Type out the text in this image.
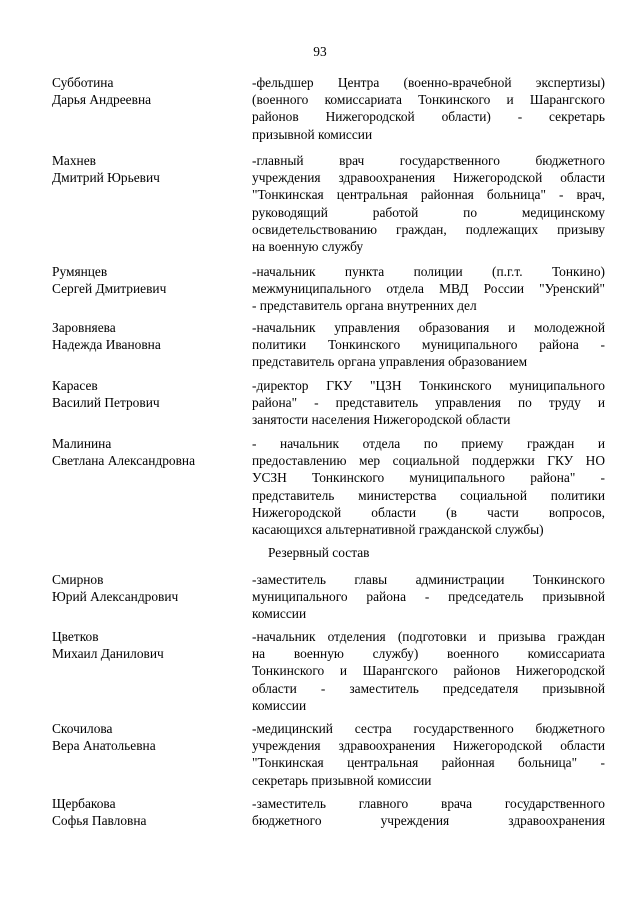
93
Субботина
Дарья Андреевна
-фельдшер Центра (военно-врачебной экспертизы)
(военного комиссариата Тонкинского и Шарангского
районов Нижегородской области) - секретарь
призывной комиссии
Махнев
Дмитрий Юрьевич
-главный врач государственного бюджетного
учреждения здравоохранения Нижегородской области
"Тонкинская центральная районная больница" - врач,
руководящий работой по медицинскому
освидетельствованию граждан, подлежащих призыву
на военную службу
Румянцев
Сергей Дмитриевич
-начальник пункта полиции (п.г.т. Тонкино)
межмуниципального отдела МВД России "Уренский"
- представитель органа внутренних дел
Заровняева
Надежда Ивановна
-начальник управления образования и молодежной
политики Тонкинского муниципального района -
представитель органа управления образованием
Карасев
Василий Петрович
-директор ГКУ "ЦЗН Тонкинского муниципального
района" - представитель управления по труду и
занятости населения Нижегородской области
Малинина
Светлана Александровна
- начальник отдела по приему граждан и
предоставлению мер социальной поддержки ГКУ НО
УСЗН Тонкинского муниципального района" -
представитель министерства социальной политики
Нижегородской области (в части вопросов,
касающихся альтернативной гражданской службы)
Резервный состав
Смирнов
Юрий Александрович
-заместитель главы администрации Тонкинского
муниципального района - председатель призывной
комиссии
Цветков
Михаил Данилович
-начальник отделения (подготовки и призыва граждан
на военную службу) военного комиссариата
Тонкинского и Шарангского районов Нижегородской
области - заместитель председателя призывной
комиссии
Скочилова
Вера Анатольевна
-медицинский сестра государственного бюджетного
учреждения здравоохранения Нижегородской области
"Тонкинская центральная районная больница" -
секретарь призывной комиссии
Щербакова
Софья Павловна
-заместитель главного врача государственного
бюджетного учреждения здравоохранения
